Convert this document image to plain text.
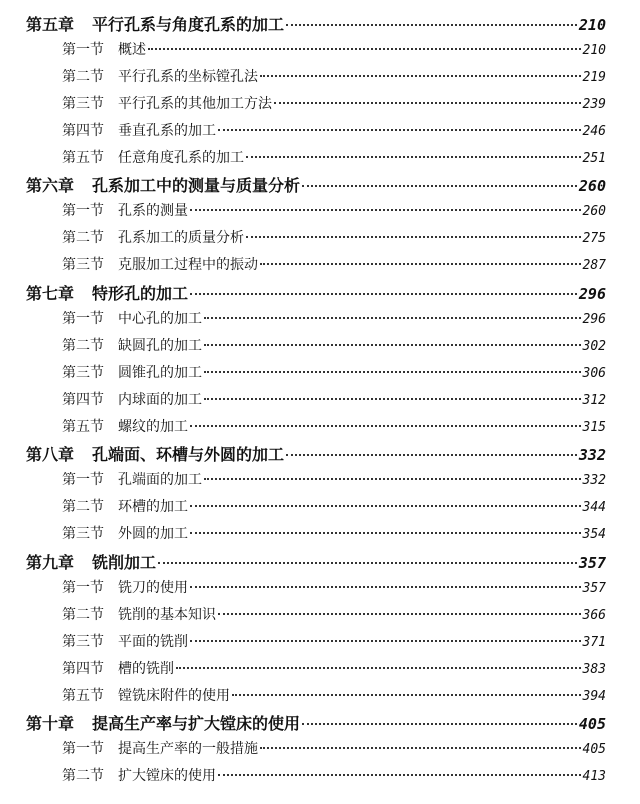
第五章 平行孔系与角度孔系的加工	210
第一节 概述	210
第二节 平行孔系的坐标镗孔法	219
第三节 平行孔系的其他加工方法	239
第四节 垂直孔系的加工	246
第五节 任意角度孔系的加工	251
第六章 孔系加工中的测量与质量分析	260
第一节 孔系的测量	260
第二节 孔系加工的质量分析	275
第三节 克服加工过程中的振动	287
第七章 特形孔的加工	296
第一节 中心孔的加工	296
第二节 缺圆孔的加工	302
第三节 圆锥孔的加工	306
第四节 内球面的加工	312
第五节 螺纹的加工	315
第八章 孔端面、环槽与外圆的加工	332
第一节 孔端面的加工	332
第二节 环槽的加工	344
第三节 外圆的加工	354
第九章 铣削加工	357
第一节 铣刀的使用	357
第二节 铣削的基本知识	366
第三节 平面的铣削	371
第四节 槽的铣削	383
第五节 镗铣床附件的使用	394
第十章 提高生产率与扩大镗床的使用	405
第一节 提高生产率的一般措施	405
第二节 扩大镗床的使用	413
